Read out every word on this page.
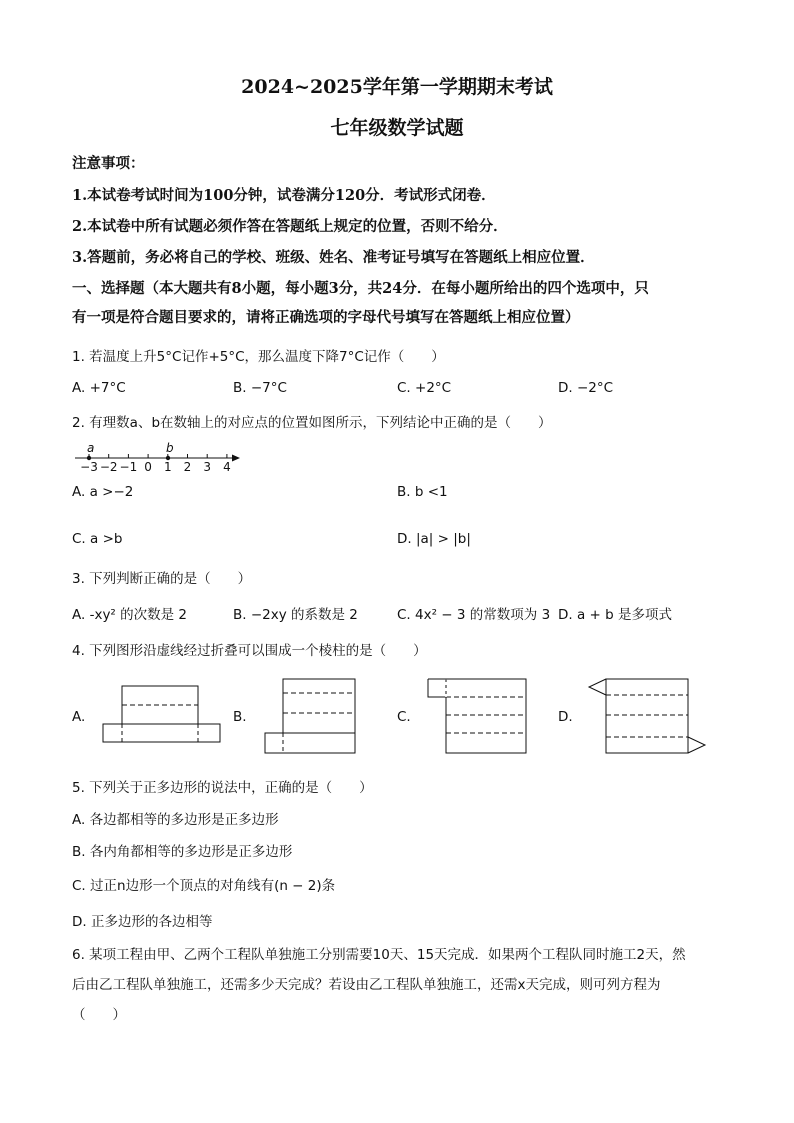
2024~2025学年第一学期期末考试
七年级数学试题
注意事项：
1.本试卷考试时间为100分钟，试卷满分120分．考试形式闭卷．
2.本试卷中所有试题必须作答在答题纸上规定的位置，否则不给分．
3.答题前，务必将自己的学校、班级、姓名、准考证号填写在答题纸上相应位置．
一、选择题（本大题共有8小题，每小题3分，共24分．在每小题所给出的四个选项中，只
有一项是符合题目要求的，请将正确选项的字母代号填写在答题纸上相应位置）
1. 若温度上升5°C记作+5°C，那么温度下降7°C记作（　　）
A. +7°C	B. −7°C	C. +2°C	D. −2°C
2. 有理数a、b在数轴上的对应点的位置如图所示，下列结论中正确的是（　　）
−3 −2 −1 0 1 2 3 4
a	b
A. a >−2	B. b <1
C. a >b	D. |a| > |b|
3. 下列判断正确的是（　　）
A. -xy² 的次数是 2	B. −2xy 的系数是 2	C. 4x² − 3 的常数项为 3 D. a + b 是多项式
4. 下列图形沿虚线经过折叠可以围成一个棱柱的是（　　）
A.	B.	C.	D.
5. 下列关于正多边形的说法中，正确的是（　　）
A. 各边都相等的多边形是正多边形
B. 各内角都相等的多边形是正多边形
C. 过正n边形一个顶点的对角线有(n − 2)条
D. 正多边形的各边相等
6. 某项工程由甲、乙两个工程队单独施工分别需要10天、15天完成．如果两个工程队同时施工2天，然
后由乙工程队单独施工，还需多少天完成？若设由乙工程队单独施工，还需x天完成，则可列方程为
（　　）
